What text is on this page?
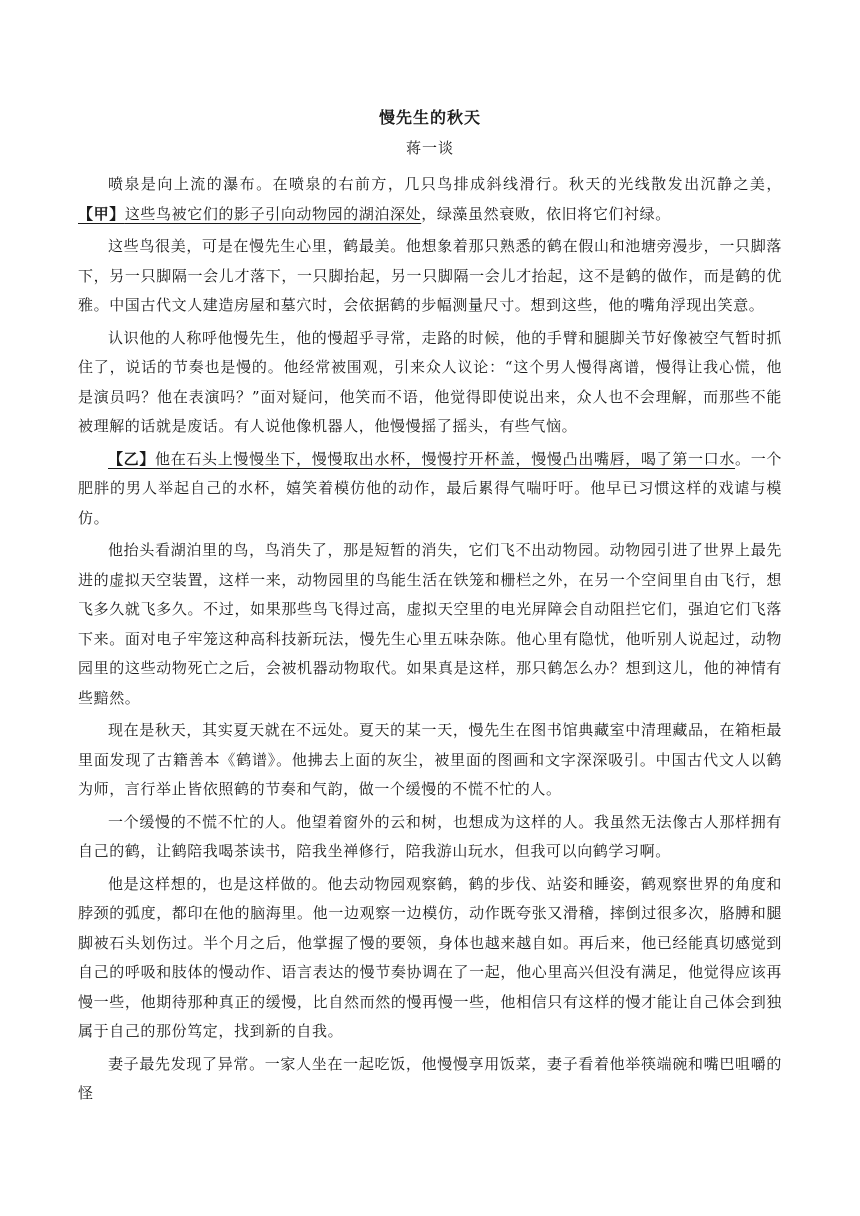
慢先生的秋天
蒋一谈

喷泉是向上流的瀑布。在喷泉的右前方，几只鸟排成斜线滑行。秋天的光线散发出沉静之美，【甲】这些鸟被它们的影子引向动物园的湖泊深处，绿藻虽然衰败，依旧将它们衬绿。

这些鸟很美，可是在慢先生心里，鹤最美。他想象着那只熟悉的鹤在假山和池塘旁漫步，一只脚落下，另一只脚隔一会儿才落下，一只脚抬起，另一只脚隔一会儿才抬起，这不是鹤的做作，而是鹤的优雅。中国古代文人建造房屋和墓穴时，会依据鹤的步幅测量尺寸。想到这些，他的嘴角浮现出笑意。

认识他的人称呼他慢先生，他的慢超乎寻常，走路的时候，他的手臂和腿脚关节好像被空气暂时抓住了，说话的节奏也是慢的。他经常被围观，引来众人议论：“这个男人慢得离谱，慢得让我心慌，他是演员吗？他在表演吗？”面对疑问，他笑而不语，他觉得即使说出来，众人也不会理解，而那些不能被理解的话就是废话。有人说他像机器人，他慢慢摇了摇头，有些气恼。

【乙】他在石头上慢慢坐下，慢慢取出水杯，慢慢拧开杯盖，慢慢凸出嘴唇，喝了第一口水。一个肥胖的男人举起自己的水杯，嬉笑着模仿他的动作，最后累得气喘吁吁。他早已习惯这样的戏谑与模仿。

他抬头看湖泊里的鸟，鸟消失了，那是短暂的消失，它们飞不出动物园。动物园引进了世界上最先进的虚拟天空装置，这样一来，动物园里的鸟能生活在铁笼和栅栏之外，在另一个空间里自由飞行，想飞多久就飞多久。不过，如果那些鸟飞得过高，虚拟天空里的电光屏障会自动阻拦它们，强迫它们飞落下来。面对电子牢笼这种高科技新玩法，慢先生心里五味杂陈。他心里有隐忧，他听别人说起过，动物园里的这些动物死亡之后，会被机器动物取代。如果真是这样，那只鹤怎么办？想到这儿，他的神情有些黯然。

现在是秋天，其实夏天就在不远处。夏天的某一天，慢先生在图书馆典藏室中清理藏品，在箱柜最里面发现了古籍善本《鹤谱》。他拂去上面的灰尘，被里面的图画和文字深深吸引。中国古代文人以鹤为师，言行举止皆依照鹤的节奏和气韵，做一个缓慢的不慌不忙的人。

一个缓慢的不慌不忙的人。他望着窗外的云和树，也想成为这样的人。我虽然无法像古人那样拥有自己的鹤，让鹤陪我喝茶读书，陪我坐禅修行，陪我游山玩水，但我可以向鹤学习啊。

他是这样想的，也是这样做的。他去动物园观察鹤，鹤的步伐、站姿和睡姿，鹤观察世界的角度和脖颈的弧度，都印在他的脑海里。他一边观察一边模仿，动作既夸张又滑稽，摔倒过很多次，胳膊和腿脚被石头划伤过。半个月之后，他掌握了慢的要领，身体也越来越自如。再后来，他已经能真切感觉到自己的呼吸和肢体的慢动作、语言表达的慢节奏协调在了一起，他心里高兴但没有满足，他觉得应该再慢一些，他期待那种真正的缓慢，比自然而然的慢再慢一些，他相信只有这样的慢才能让自己体会到独属于自己的那份笃定，找到新的自我。

妻子最先发现了异常。一家人坐在一起吃饭，他慢慢享用饭菜，妻子看着他举筷端碗和嘴巴咀嚼的怪
